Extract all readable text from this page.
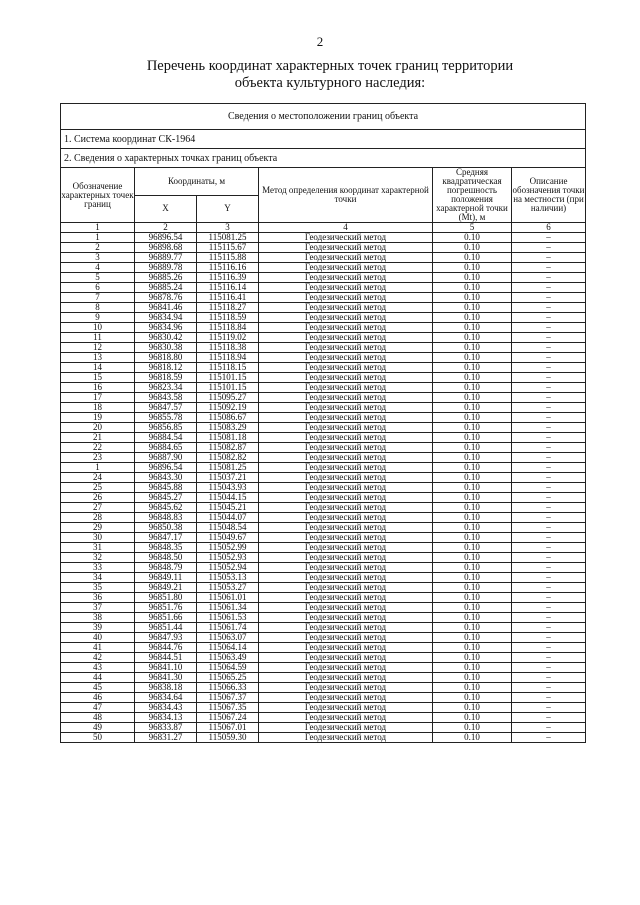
2
Перечень координат характерных точек границ территории
объекта культурного наследия:
Сведения о местоположении границ объекта					
1. Система координат СК-1964					
2. Сведения о характерных точках границ объекта					
Обозначение характерных точек границ	Координаты, м		Метод определения координат характерной точки	Средняя квадратическая погрешность положения характерной точки (Mt), м	Описание обозначения точки на местности (при наличии)
	X	Y			
1	2	3	4	5	6
1	96896.54	115081.25	Геодезический метод	0.10	–
2	96898.68	115115.67	Геодезический метод	0.10	–
3	96889.77	115115.88	Геодезический метод	0.10	–
4	96889.78	115116.16	Геодезический метод	0.10	–
5	96885.26	115116.39	Геодезический метод	0.10	–
6	96885.24	115116.14	Геодезический метод	0.10	–
7	96878.76	115116.41	Геодезический метод	0.10	–
8	96841.46	115118.27	Геодезический метод	0.10	–
9	96834.94	115118.59	Геодезический метод	0.10	–
10	96834.96	115118.84	Геодезический метод	0.10	–
11	96830.42	115119.02	Геодезический метод	0.10	–
12	96830.38	115118.38	Геодезический метод	0.10	–
13	96818.80	115118.94	Геодезический метод	0.10	–
14	96818.12	115118.15	Геодезический метод	0.10	–
15	96818.59	115101.15	Геодезический метод	0.10	–
16	96823.34	115101.15	Геодезический метод	0.10	–
17	96843.58	115095.27	Геодезический метод	0.10	–
18	96847.57	115092.19	Геодезический метод	0.10	–
19	96855.78	115086.67	Геодезический метод	0.10	–
20	96856.85	115083.29	Геодезический метод	0.10	–
21	96884.54	115081.18	Геодезический метод	0.10	–
22	96884.65	115082.87	Геодезический метод	0.10	–
23	96887.90	115082.82	Геодезический метод	0.10	–
1	96896.54	115081.25	Геодезический метод	0.10	–
24	96843.30	115037.21	Геодезический метод	0.10	–
25	96845.88	115043.93	Геодезический метод	0.10	–
26	96845.27	115044.15	Геодезический метод	0.10	–
27	96845.62	115045.21	Геодезический метод	0.10	–
28	96848.83	115044.07	Геодезический метод	0.10	–
29	96850.38	115048.54	Геодезический метод	0.10	–
30	96847.17	115049.67	Геодезический метод	0.10	–
31	96848.35	115052.99	Геодезический метод	0.10	–
32	96848.50	115052.93	Геодезический метод	0.10	–
33	96848.79	115052.94	Геодезический метод	0.10	–
34	96849.11	115053.13	Геодезический метод	0.10	–
35	96849.21	115053.27	Геодезический метод	0.10	–
36	96851.80	115061.01	Геодезический метод	0.10	–
37	96851.76	115061.34	Геодезический метод	0.10	–
38	96851.66	115061.53	Геодезический метод	0.10	–
39	96851.44	115061.74	Геодезический метод	0.10	–
40	96847.93	115063.07	Геодезический метод	0.10	–
41	96844.76	115064.14	Геодезический метод	0.10	–
42	96844.51	115063.49	Геодезический метод	0.10	–
43	96841.10	115064.59	Геодезический метод	0.10	–
44	96841.30	115065.25	Геодезический метод	0.10	–
45	96838.18	115066.33	Геодезический метод	0.10	–
46	96834.64	115067.37	Геодезический метод	0.10	–
47	96834.43	115067.35	Геодезический метод	0.10	–
48	96834.13	115067.24	Геодезический метод	0.10	–
49	96833.87	115067.01	Геодезический метод	0.10	–
50	96831.27	115059.30	Геодезический метод	0.10	–
